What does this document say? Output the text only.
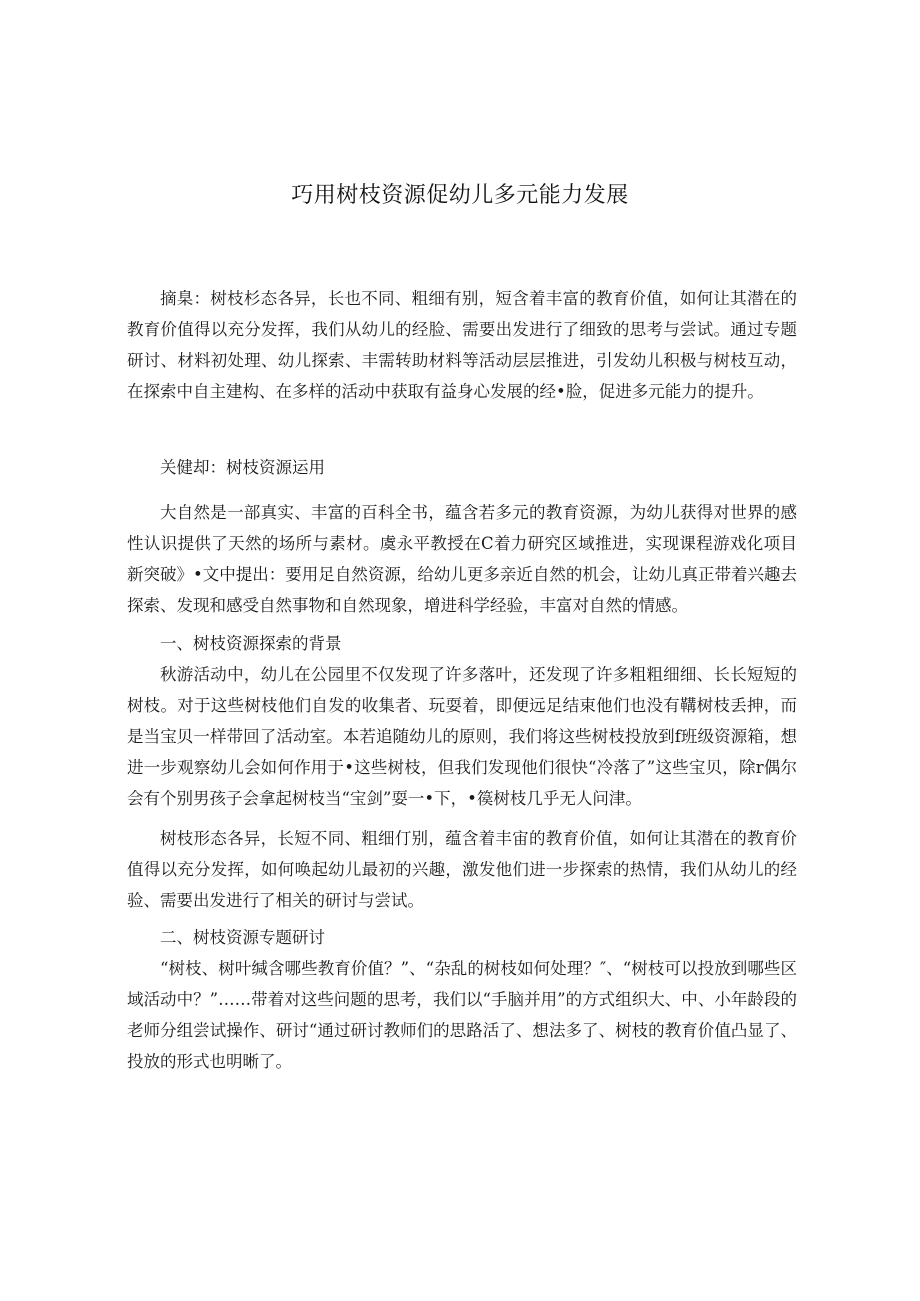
巧用树枝资源促幼儿多元能力发展

摘臬：树枝杉态各异，长也不同、粗细有别，短含着丰富的教育价值，如何让其潜在的教育价值得以充分发挥，我们从幼儿的经脸、需要出发进行了细致的思考与尝试。通过专题研讨、材料初处理、幼儿探索、丰需转助材料等活动层层推进，引发幼儿积极与树枝互动，在探索中自主建构、在多样的活动中获取有益身心发展的经•脸，促进多元能力的提升。

关健却：树枝资源运用

大自然是一部真实、丰富的百科全书，蕴含若多元的教育资源，为幼儿获得对世界的感性认识提供了天然的场所与素材。虞永平教授在C着力研究区域推进，实现课程游戏化项目新突破》•文中提出：要用足自然资源，给幼儿更多亲近自然的机会，让幼儿真正带着兴趣去探索、发现和感受自然事物和自然现象，增进科学经验，丰富对自然的情感。

一、树枝资源探索的背景

秋游活动中，幼儿在公园里不仅发现了许多落叶，还发现了许多粗粗细细、长长短短的树枝。对于这些树枝他们自发的收集者、玩耍着，即便远足结束他们也没有鞲树枝丢抻，而是当宝贝一样带回了活动室。本若追随幼儿的原则，我们将这些树枝投放到f班级资源箱，想进一步观察幼儿会如何作用于•这些树枝，但我们发现他们很快“冷落了”这些宝贝，除r偶尔会有个别男孩子会拿起树枝当“宝剑”耍一•下，•篌树枝几乎无人问津。

树枝形态各异，长短不同、粗细仃别，蕴含着丰宙的教育价值，如何让其潜在的教育价值得以充分发挥，如何唤起幼儿最初的兴趣，激发他们进一步探索的热情，我们从幼儿的经验、需要出发进行了相关的研讨与尝试。

二、树枝资源专题研讨

“树枝、树叶缄含哪些教育价值？”、“杂乱的树枝如何处理？″、“树枝可以投放到哪些区域活动中？”……带着对这些问题的思考，我们以“手脑并用”的方式组织大、中、小年龄段的老师分组尝试操作、研讨“通过研讨教师们的思路活了、想法多了、树枝的教育价值凸显了、投放的形式也明晰了。
